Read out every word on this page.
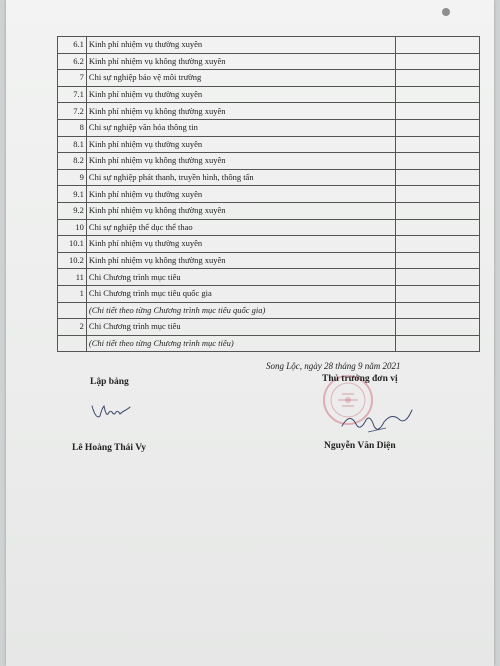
6.1	Kinh phí nhiệm vụ thường xuyên	
6.2	Kinh phí nhiệm vụ không thường xuyên	
7	Chi sự nghiệp bảo vệ môi trường	
7.1	Kinh phí nhiệm vụ thường xuyên	
7.2	Kinh phí nhiệm vụ không thường xuyên	
8	Chi sự nghiệp văn hóa thông tin	
8.1	Kinh phí nhiệm vụ thường xuyên	
8.2	Kinh phí nhiệm vụ không thường xuyên	
9	Chi sự nghiệp phát thanh, truyền hình, thông tấn	
9.1	Kinh phí nhiệm vụ thường xuyên	
9.2	Kinh phí nhiệm vụ không thường xuyên	
10	Chi sự nghiệp thể dục thể thao	
10.1	Kinh phí nhiệm vụ thường xuyên	
10.2	Kinh phí nhiệm vụ không thường xuyên	
11	Chi Chương trình mục tiêu	
1	Chi Chương trình mục tiêu quốc gia	
	(Chi tiết theo từng Chương trình mục tiêu quốc gia)	
2	Chi Chương trình mục tiêu	
	(Chi tiết theo từng Chương trình mục tiêu)	
Song Lộc, ngày 28 tháng 9 năm 2021
Lập bảng
Lê Hoàng Thái Vy
Thủ trưởng đơn vị
Nguyễn Văn Diện
